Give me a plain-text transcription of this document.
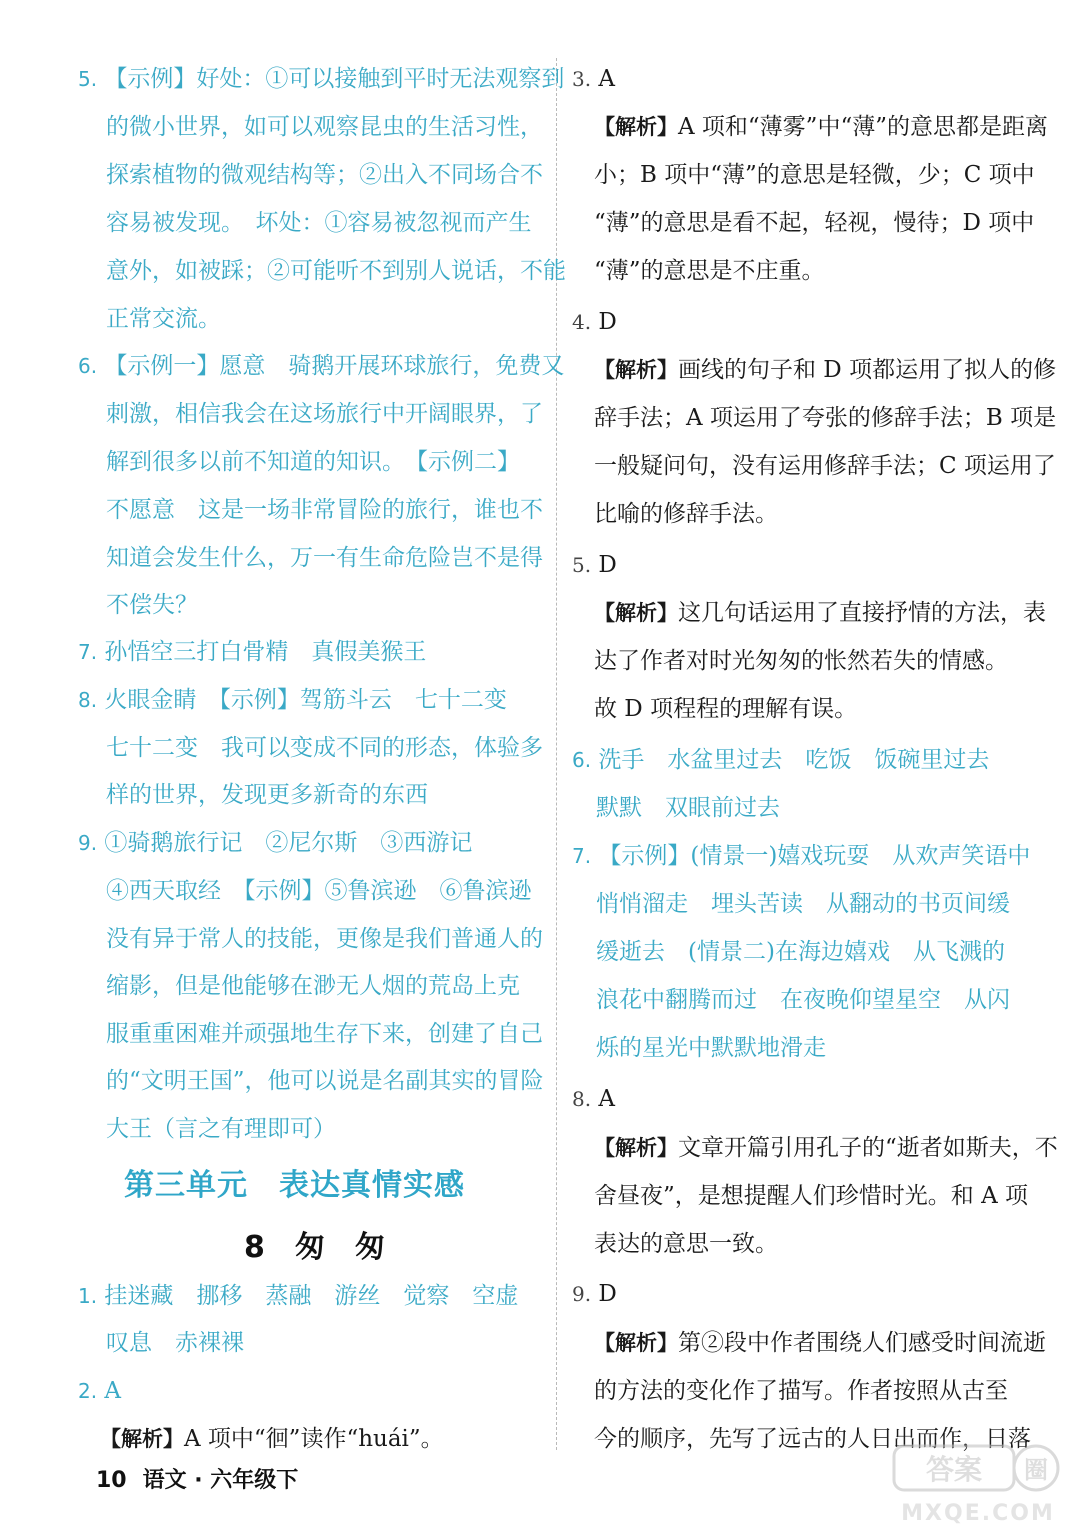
5. 【示例】好处：①可以接触到平时无法观察到
的微小世界，如可以观察昆虫的生活习性，
探索植物的微观结构等；②出入不同场合不
容易被发现。　坏处：①容易被忽视而产生
意外，如被踩；②可能听不到别人说话，不能
正常交流。
6. 【示例一】愿意　骑鹅开展环球旅行，免费又
刺激，相信我会在这场旅行中开阔眼界，了
解到很多以前不知道的知识。　【示例二】
不愿意　这是一场非常冒险的旅行，谁也不
知道会发生什么，万一有生命危险岂不是得
不偿失？
7. 孙悟空三打白骨精　真假美猴王
8. 火眼金睛　【示例】驾筋斗云　七十二变
七十二变　我可以变成不同的形态，体验多
样的世界，发现更多新奇的东西
9. ①骑鹅旅行记　②尼尔斯　③西游记
④西天取经　【示例】⑤鲁滨逊　⑥鲁滨逊
没有异于常人的技能，更像是我们普通人的
缩影，但是他能够在渺无人烟的荒岛上克
服重重困难并顽强地生存下来，创建了自己
的“文明王国”，他可以说是名副其实的冒险
大王（言之有理即可）
第三单元　表达真情实感
8　匆　匆
1. 挂迷藏　挪移　蒸融　游丝　觉察　空虚
叹息　赤裸裸
2. A
【解析】A 项中“徊”读作“huái”。
3. A
【解析】A 项和“薄雾”中“薄”的意思都是距离
小；B 项中“薄”的意思是轻微，少；C 项中
“薄”的意思是看不起，轻视，慢待；D 项中
“薄”的意思是不庄重。
4. D
【解析】画线的句子和 D 项都运用了拟人的修
辞手法；A 项运用了夸张的修辞手法；B 项是
一般疑问句，没有运用修辞手法；C 项运用了
比喻的修辞手法。
5. D
【解析】这几句话运用了直接抒情的方法，表
达了作者对时光匆匆的怅然若失的情感。
故 D 项程程的理解有误。
6. 洗手　水盆里过去　吃饭　饭碗里过去
默默　双眼前过去
7. 【示例】(情景一)嬉戏玩耍　从欢声笑语中
悄悄溜走　埋头苦读　从翻动的书页间缓
缓逝去　(情景二)在海边嬉戏　从飞溅的
浪花中翻腾而过　在夜晚仰望星空　从闪
烁的星光中默默地滑走
8. A
【解析】文章开篇引用孔子的“逝者如斯夫，不
舍昼夜”，是想提醒人们珍惜时光。和 A 项
表达的意思一致。
9. D
【解析】第②段中作者围绕人们感受时间流逝
的方法的变化作了描写。作者按照从古至
今的顺序，先写了远古的人日出而作，日落
10 语文 · 六年级下	答案 圈
MXQE.COM
